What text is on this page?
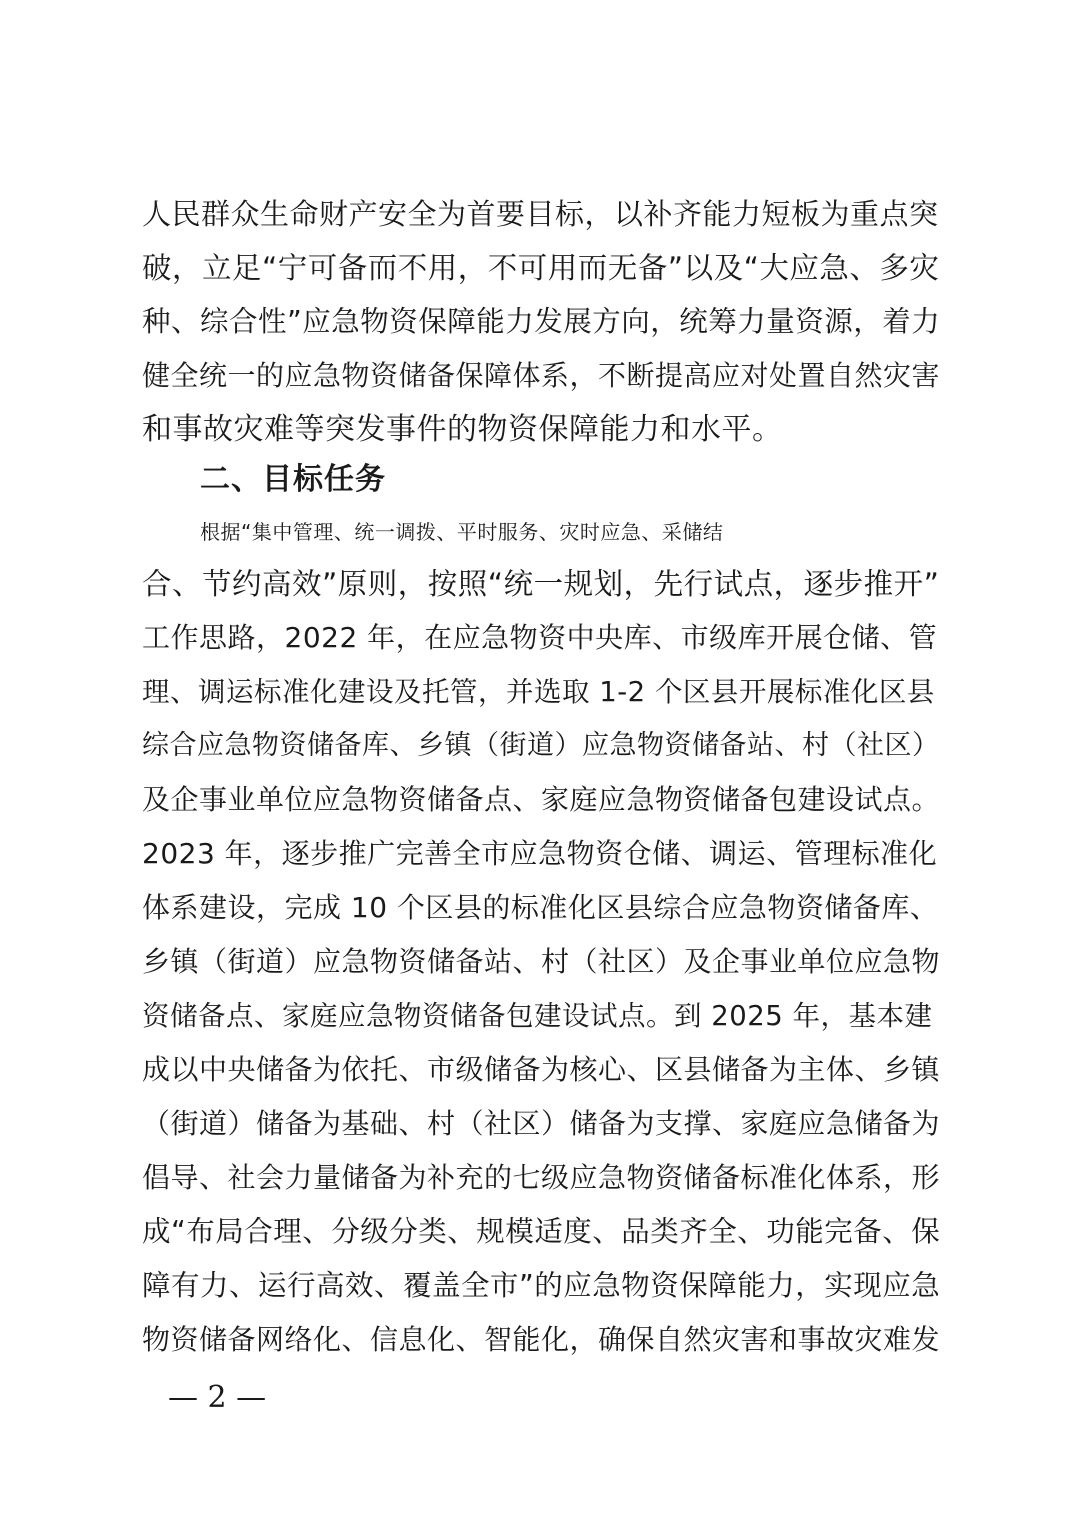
人民群众生命财产安全为首要目标，以补齐能力短板为重点突
破，立足“宁可备而不用，不可用而无备”以及“大应急、多灾
种、综合性”应急物资保障能力发展方向，统筹力量资源，着力
健全统一的应急物资储备保障体系，不断提高应对处置自然灾害
和事故灾难等突发事件的物资保障能力和水平。
二、目标任务
根据“集中管理、统一调拨、平时服务、灾时应急、采储结
合、节约高效”原则，按照“统一规划，先行试点，逐步推开”
工作思路，2022 年，在应急物资中央库、市级库开展仓储、管
理、调运标准化建设及托管，并选取 1-2 个区县开展标准化区县
综合应急物资储备库、乡镇（街道）应急物资储备站、村（社区）
及企事业单位应急物资储备点、家庭应急物资储备包建设试点。
2023 年，逐步推广完善全市应急物资仓储、调运、管理标准化
体系建设，完成 10 个区县的标准化区县综合应急物资储备库、
乡镇（街道）应急物资储备站、村（社区）及企事业单位应急物
资储备点、家庭应急物资储备包建设试点。到 2025 年，基本建
成以中央储备为依托、市级储备为核心、区县储备为主体、乡镇
（街道）储备为基础、村（社区）储备为支撑、家庭应急储备为
倡导、社会力量储备为补充的七级应急物资储备标准化体系，形
成“布局合理、分级分类、规模适度、品类齐全、功能完备、保
障有力、运行高效、覆盖全市”的应急物资保障能力，实现应急
物资储备网络化、信息化、智能化，确保自然灾害和事故灾难发
— 2 —
